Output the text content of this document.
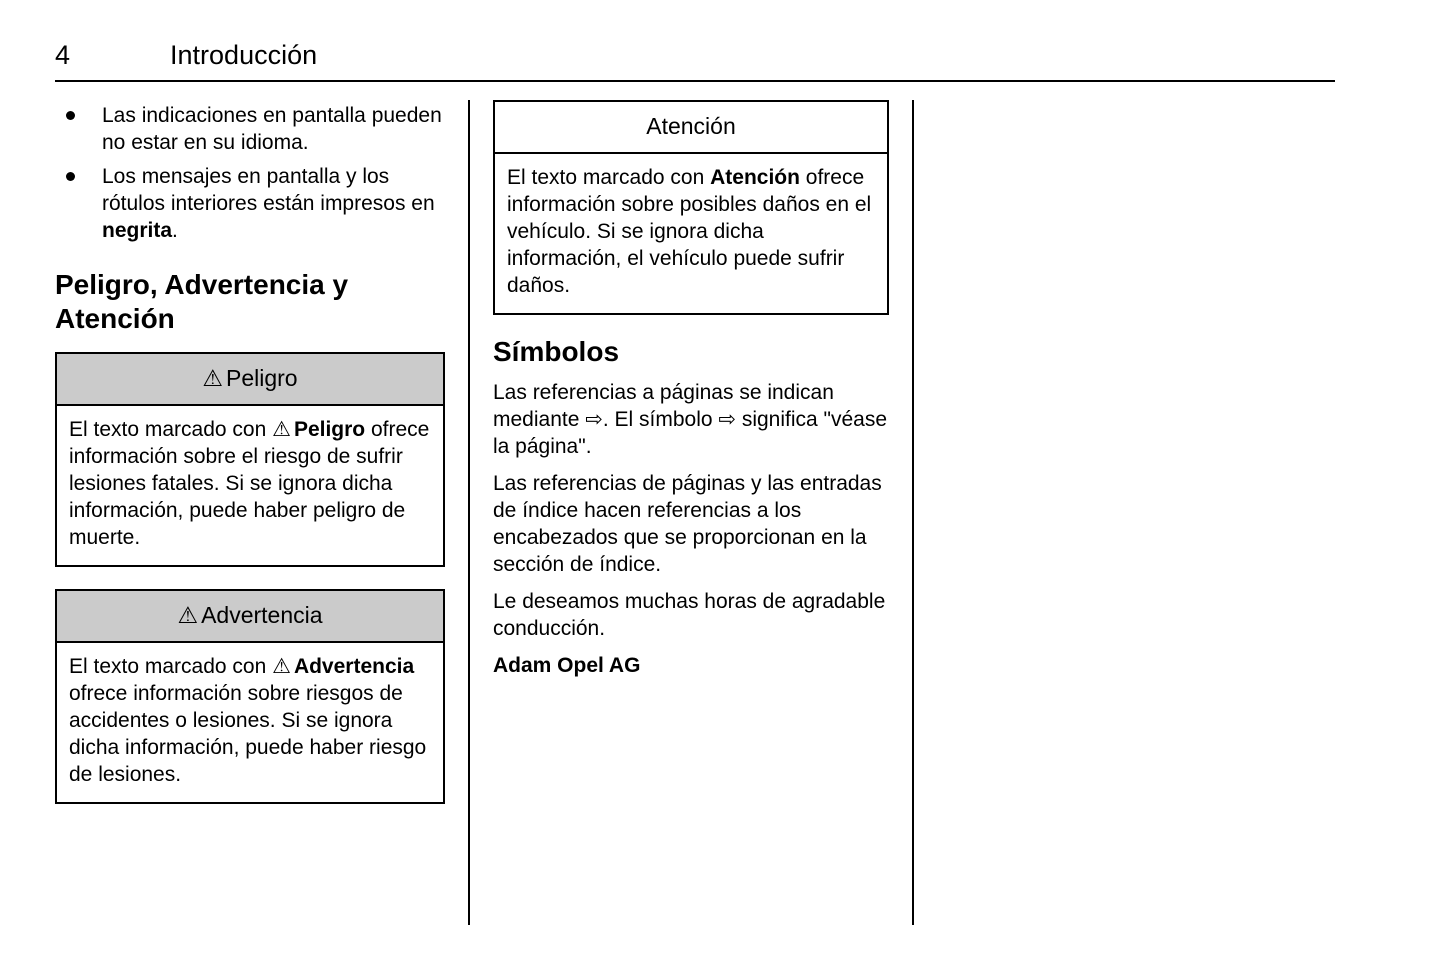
4	Introducción
Las indicaciones en pantalla pueden no estar en su idioma.
Los mensajes en pantalla y los rótulos interiores están impresos en negrita.
Peligro, Advertencia y Atención
⚠ Peligro
El texto marcado con ⚠ Peligro ofrece información sobre el riesgo de sufrir lesiones fatales. Si se ignora dicha información, puede haber peligro de muerte.
⚠ Advertencia
El texto marcado con ⚠ Advertencia ofrece información sobre riesgos de accidentes o lesiones. Si se ignora dicha información, puede haber riesgo de lesiones.
Atención
El texto marcado con Atención ofrece información sobre posibles daños en el vehículo. Si se ignora dicha información, el vehículo puede sufrir daños.
Símbolos

Las referencias a páginas se indican mediante ⇨. El símbolo ⇨ significa "véase la página".

Las referencias de páginas y las entradas de índice hacen referencias a los encabezados que se proporcionan en la sección de índice.

Le deseamos muchas horas de agradable conducción.

Adam Opel AG
